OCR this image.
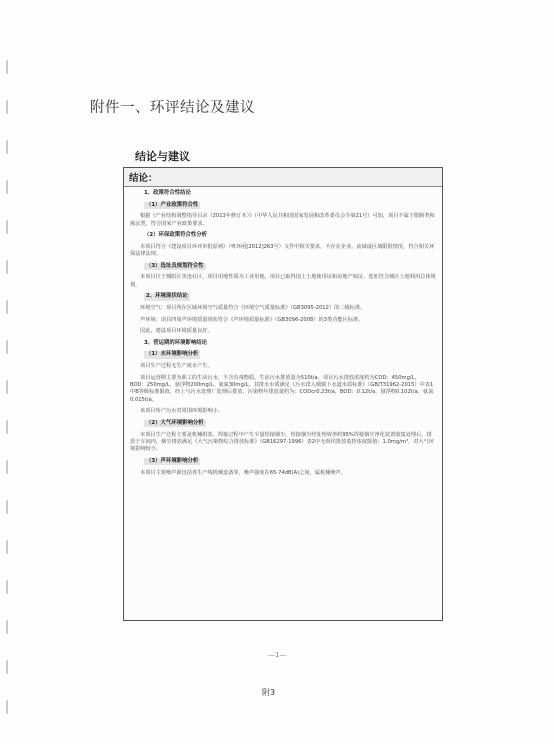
附件一、环评结论及建议
结论与建议
结论：
1、政策符合性结论
（1）产业政策符合性
根据《产业结构调整指导目录（2013年修订本）》（中华人民共和国国家发展和改革委员会令第21号）可知，项目不属于限制类和淘汰类，符合国家产业政策要求。
（2）环保政策符合性分析
本项目符合《建设项目环评审批原则》（粤环函[2012]263号）文件中相关要求，不存在企业、流域或区域限批情况，符合相关环保法律法规。
（3）选址及规划符合性
本项目位于城阳区李沧社区，项目用地性质为工业用地，项目已取得国土土地使用证和房地产权证，选址符合城区土地利用总体规划。
2、环境现状结论
环境空气：项目所在区域环境空气质量符合《环境空气质量标准》（GB3095-2012）的二级标准。
声环境：项目四周声环境质量现状符合《声环境质量标准》（GB3096-2008）的3类功能区标准。
因此，建设项目环境质量良好。
3、营运期的环境影响结论
（1）水环境影响分析
项目生产过程无生产废水产生。
项目运营期主要为职工的生活污水，不含有毒物质。生活污水排放量为510t/a，项目污水排放浓度约为COD：450mg/L，BOD：250mg/L，悬浮物200mg/L，氨氮30mg/L，其排水水质满足《污水排入城镇下水道水质标准》（GB/T31962-2015）中表1中B等级标准限值，经上与污水处理厂处理后排放，污染物年排放量约为：CODcr0.23t/a，BOD：0.12t/a，悬浮物0.102t/a，氨氮0.015t/a。
该项目所产污水对周围环境影响小。
（2）大气环境影响分析
本项目生产过程主要是机械组装、焊接过程中产生少量焊接烟尘。焊接烟尘经处理效率约95%焊接烟尘净化装置收集处理后，排放于车间内，烟尘排放满足《大气污染物综合排放标准》（GB16297-1996）表2中无组织排放监控浓度限值：1.0mg/m³，对大气环境影响较小。
（3）声环境影响分析
本项目主要噪声源包括各生产线机械设备等，噪声强度在65-74dB(A)之间，属机械噪声。
—1—
附3
